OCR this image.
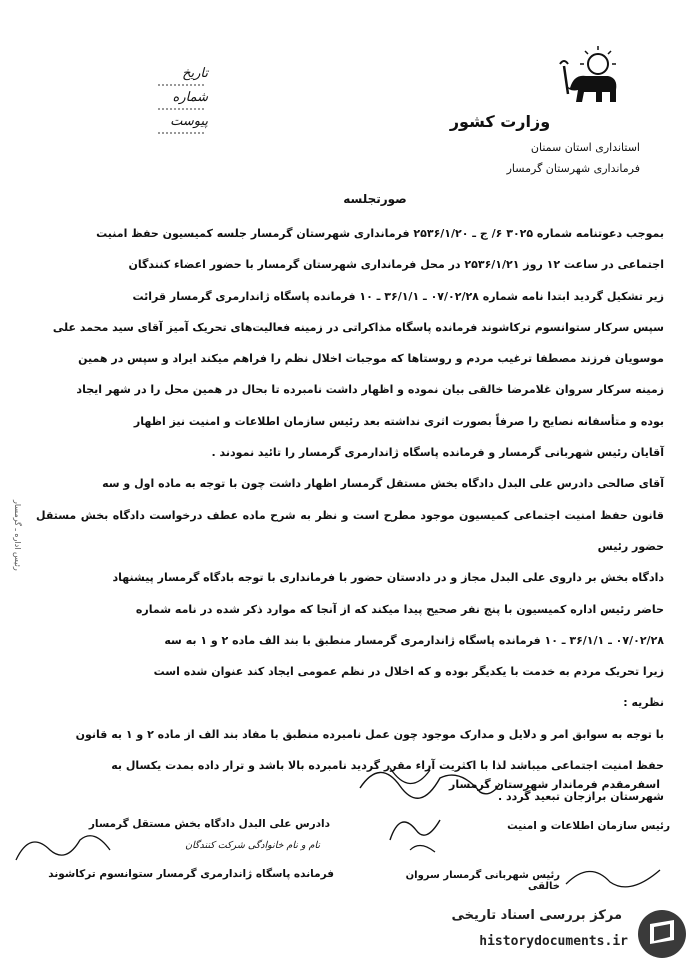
تاریخ
شماره
پیوست	وزارت کشور
استانداری استان سمنان
فرمانداری شهرستان گرمسار
صورتجلسه

بموجب دعوتنامه شماره ۳۰۲۵ ۶/ ج ـ ۲۵۳۶/۱/۲۰ فرمانداری شهرستان گرمسار جلسه کمیسیون حفظ امنیت

اجتماعی در ساعت ۱۲ روز ۲۵۳۶/۱/۲۱ در محل فرمانداری شهرستان گرمسار با حضور اعضاء کنندگان

زیر تشکیل گردید ابتدا نامه شماره ۰۷/۰۲/۲۸ ـ ۳۶/۱/۱ ـ ۱۰ فرمانده پاسگاه ژاندارمری گرمسار قرائت

سپس سرکار ستوانسوم ترکاشوند فرمانده پاسگاه مذاکراتی در زمینه فعالیت‌های تحریک آمیز آقای سید محمد علی

موسویان فرزند مصطفا ترغیب مردم و روستاها که موجبات اخلال نظم را فراهم میکند ایراد و سپس در همین

زمینه سرکار سروان غلامرضا خالقی بیان نموده و اظهار داشت نامبرده تا بحال در همین محل را در شهر ایجاد

بوده و متأسفانه نصایح را صرفاً بصورت اثری نداشته بعد رئیس سازمان اطلاعات و امنیت نیز اظهار

آقایان رئیس شهربانی گرمسار و فرمانده پاسگاه ژاندارمری گرمسار را تائید نمودند .

آقای صالحی دادرس علی البدل دادگاه بخش مستقل گرمسار اظهار داشت چون با توجه به ماده اول و سه

قانون حفظ امنیت اجتماعی کمیسیون موجود مطرح است و نظر به شرح ماده عطف درخواست دادگاه بخش مستقل حضور رئیس

دادگاه بخش بر داروی علی البدل مجاز و در دادستان حضور با فرمانداری با توجه بادگاه گرمسار پیشنهاد

حاضر رئیس اداره کمیسیون با پنج نفر صحیح پیدا میکند که از آنجا که موارد ذکر شده در نامه شماره

۰۷/۰۲/۲۸ ـ ۳۶/۱/۱ ـ ۱۰ فرمانده پاسگاه ژاندارمری گرمسار منطبق با بند الف ماده ۲ و ۱ به سه

زیرا تحریک مردم به خدمت با یکدیگر بوده و که اخلال در نظم عمومی ایجاد کند عنوان شده است

نظریه :

با توجه به سوابق امر و دلایل و مدارک موجود چون عمل نامبرده منطبق با مفاد بند الف از ماده ۲ و ۱ به قانون

حفظ امنیت اجتماعی میباشد لذا با اکثریت آراء مقرر گردید نامبرده بالا باشد و ترار داده بمدت یکسال به

شهرستان برازجان تبعید گردد .

رئیس اداره ـ گرمسار
اسفرمقدم فرماندار شهرستان گرمسار
رئیس سازمان اطلاعات و امنیت
دادرس علی البدل دادگاه بخش مستقل گرمسار
نام و نام خانوادگی شرکت کنندگان
فرمانده پاسگاه ژاندارمری گرمسار ستوانسوم ترکاشوند	رئیس شهربانی گرمسار سروان خالقی
مرکز بررسی اسناد تاریخی
historydocuments.ir
